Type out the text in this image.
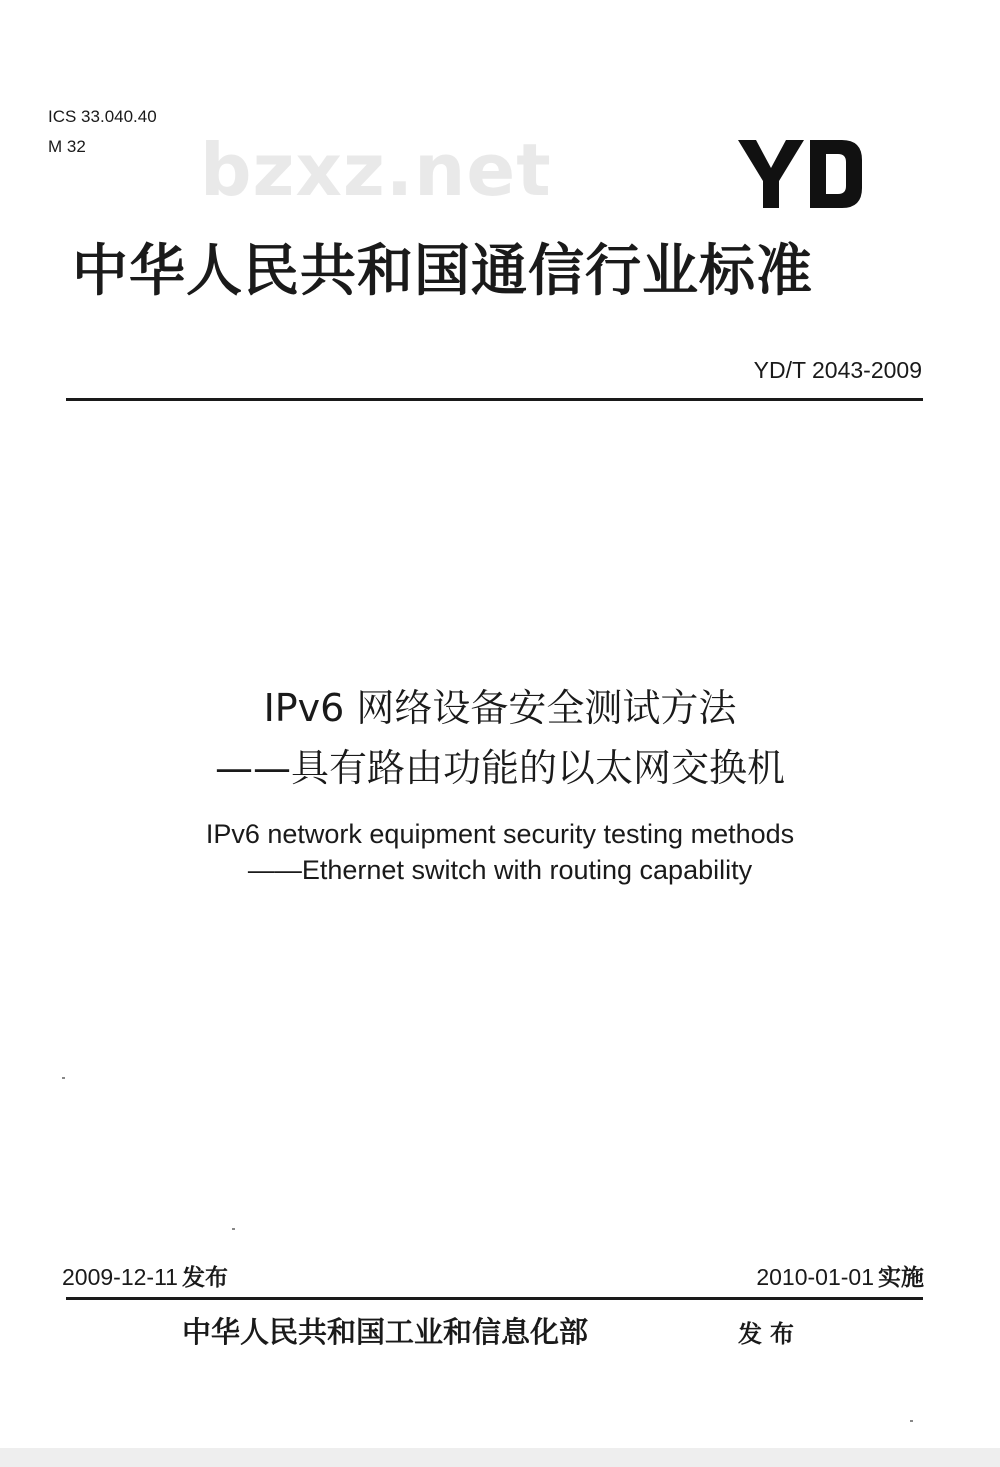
ICS 33.040.40
M 32 bzxz.net
中华人民共和国通信行业标准
YD/T 2043-2009
IPv6 网络设备安全测试方法
——具有路由功能的以太网交换机
IPv6 network equipment security testing methods
——Ethernet switch with routing capability
2009-12-11 发布	2010-01-01 实施
中华人民共和国工业和信息化部	发布
